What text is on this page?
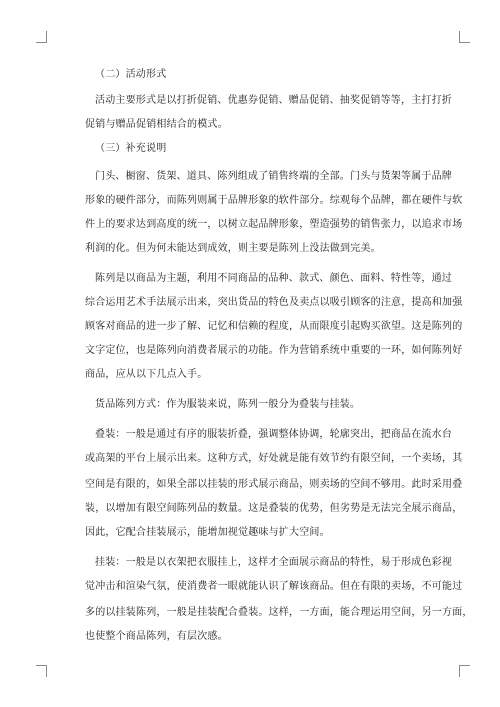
（二）活动形式
活动主要形式是以打折促销、优惠券促销、赠品促销、抽奖促销等等，主打打折
促销与赠品促销相结合的模式。
（三）补充说明
门头、橱窗、货架、道具、陈列组成了销售终端的全部。门头与货架等属于品牌
形象的硬件部分，而陈列则属于品牌形象的软件部分。综观每个品牌，都在硬件与软
件上的要求达到高度的统一，以树立起品牌形象，塑造强势的销售张力，以追求市场
利润的化。但为何未能达到成效，则主要是陈列上没法做到完美。
陈列是以商品为主题，利用不同商品的品种、款式、颜色、面料、特性等，通过
综合运用艺术手法展示出来，突出货品的特色及卖点以吸引顾客的注意，提高和加强
顾客对商品的进一步了解、记忆和信赖的程度，从而限度引起购买欲望。这是陈列的
文字定位，也是陈列向消费者展示的功能。作为营销系统中重要的一环，如何陈列好
商品，应从以下几点入手。
货品陈列方式：作为服装来说，陈列一般分为叠装与挂装。
叠装：一般是通过有序的服装折叠，强调整体协调，轮廓突出，把商品在流水台
或高架的平台上展示出来。这种方式，好处就是能有效节约有限空间，一个卖场，其
空间是有限的，如果全部以挂装的形式展示商品，则卖场的空间不够用。此时采用叠
装，以增加有限空间陈列品的数量。这是叠装的优势，但劣势是无法完全展示商品，
因此，它配合挂装展示，能增加视觉趣味与扩大空间。
挂装：一般是以衣架把衣服挂上，这样才全面展示商品的特性，易于形成色彩视
觉冲击和渲染气氛，使消费者一眼就能认识了解该商品。但在有限的卖场，不可能过
多的以挂装陈列，一般是挂装配合叠装。这样，一方面，能合理运用空间，另一方面，
也使整个商品陈列，有层次感。
